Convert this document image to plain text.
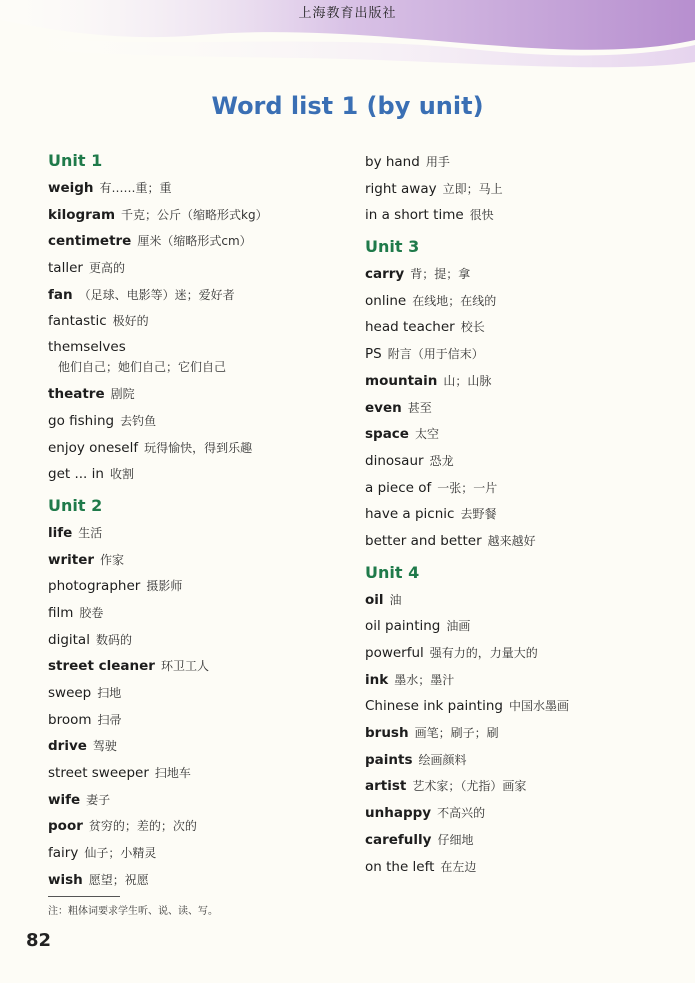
上海教育出版社
Word list 1 (by unit)
Unit 1
weigh 有……重；重
kilogram 千克；公斤（缩略形式kg）
centimetre 厘米（缩略形式cm）
taller 更高的
fan （足球、电影等）迷；爱好者
fantastic 极好的
themselves
他们自己；她们自己；它们自己
theatre 剧院
go fishing 去钓鱼
enjoy oneself 玩得愉快，得到乐趣
get ... in 收割
Unit 2
life 生活
writer 作家
photographer 摄影师
film 胶卷
digital 数码的
street cleaner 环卫工人
sweep 扫地
broom 扫帚
drive 驾驶
street sweeper 扫地车
wife 妻子
poor 贫穷的；差的；次的
fairy 仙子；小精灵
wish 愿望；祝愿
by hand 用手
right away 立即；马上
in a short time 很快
Unit 3
carry 背；提；拿
online 在线地；在线的
head teacher 校长
PS 附言（用于信末）
mountain 山；山脉
even 甚至
space 太空
dinosaur 恐龙
a piece of 一张；一片
have a picnic 去野餐
better and better 越来越好
Unit 4
oil 油
oil painting 油画
powerful 强有力的，力量大的
ink 墨水；墨汁
Chinese ink painting 中国水墨画
brush 画笔；刷子；刷
paints 绘画颜料
artist 艺术家；（尤指）画家
unhappy 不高兴的
carefully 仔细地
on the left 在左边
注：粗体词要求学生听、说、读、写。
82
